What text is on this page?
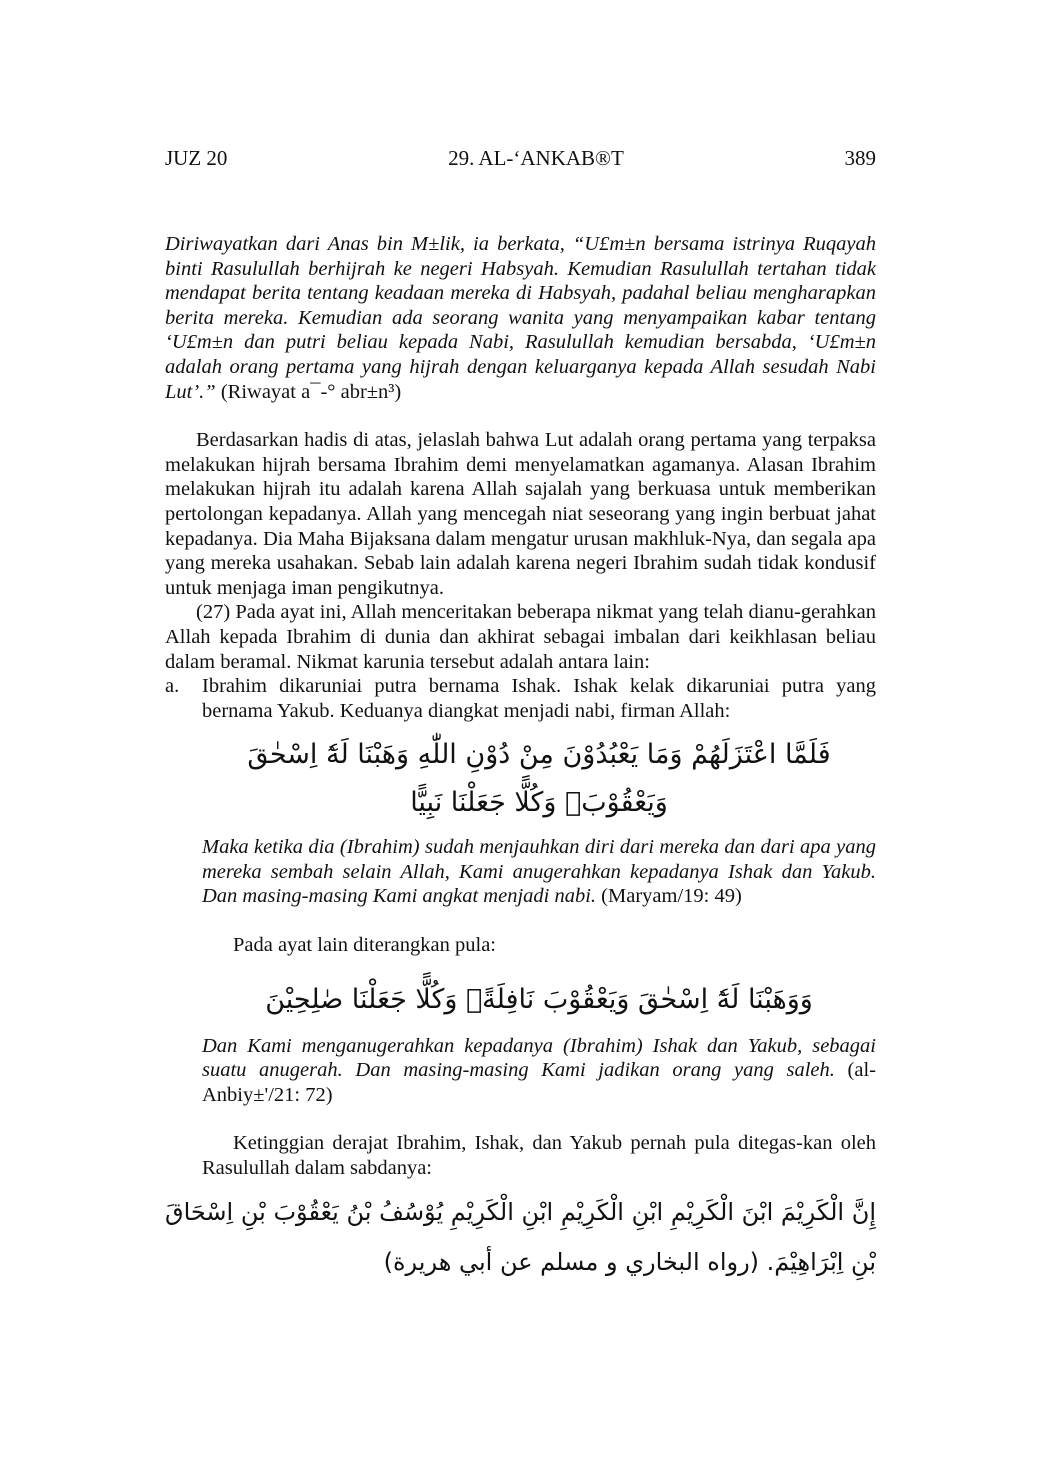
JUZ 20	29. AL-‘ANKAB®T	389

Diriwayatkan dari Anas bin M±lik, ia berkata, “U£m±n bersama istrinya Ruqayah binti Rasulullah berhijrah ke negeri Habsyah. Kemudian Rasulullah tertahan tidak mendapat berita tentang keadaan mereka di Habsyah, padahal beliau mengharapkan berita mereka. Kemudian ada seorang wanita yang menyampaikan kabar tentang ‘U£m±n dan putri beliau kepada Nabi, Rasulullah kemudian bersabda, ‘U£m±n adalah orang pertama yang hijrah dengan keluarganya kepada Allah sesudah Nabi Lut’.” (Riwayat a¯-° abr±n³)

Berdasarkan hadis di atas, jelaslah bahwa Lut adalah orang pertama yang terpaksa melakukan hijrah bersama Ibrahim demi menyelamatkan agamanya. Alasan Ibrahim melakukan hijrah itu adalah karena Allah sajalah yang berkuasa untuk memberikan pertolongan kepadanya. Allah yang mencegah niat seseorang yang ingin berbuat jahat kepadanya. Dia Maha Bijaksana dalam mengatur urusan makhluk-Nya, dan segala apa yang mereka usahakan. Sebab lain adalah karena negeri Ibrahim sudah tidak kondusif untuk menjaga iman pengikutnya.

(27) Pada ayat ini, Allah menceritakan beberapa nikmat yang telah dianu-gerahkan Allah kepada Ibrahim di dunia dan akhirat sebagai imbalan dari keikhlasan beliau dalam beramal. Nikmat karunia tersebut adalah antara lain:

a.	Ibrahim dikaruniai putra bernama Ishak. Ishak kelak dikaruniai putra yang bernama Yakub. Keduanya diangkat menjadi nabi, firman Allah:
فَلَمَّا اعْتَزَلَهُمْ وَمَا يَعْبُدُوْنَ مِنْ دُوْنِ اللّٰهِ وَهَبْنَا لَهٗٓ اِسْحٰقَ وَيَعْقُوْبَۗ وَكُلًّا جَعَلْنَا نَبِيًّا

Maka ketika dia (Ibrahim) sudah menjauhkan diri dari mereka dan dari apa yang mereka sembah selain Allah, Kami anugerahkan kepadanya Ishak dan Yakub. Dan masing-masing Kami angkat menjadi nabi. (Maryam/19: 49)

Pada ayat lain diterangkan pula:

وَوَهَبْنَا لَهٗٓ اِسْحٰقَ وَيَعْقُوْبَ نَافِلَةًۗ وَكُلًّا جَعَلْنَا صٰلِحِيْنَ

Dan Kami menganugerahkan kepadanya (Ibrahim) Ishak dan Yakub, sebagai suatu anugerah. Dan masing-masing Kami jadikan orang yang saleh. (al-Anbiy±'/21: 72)

Ketinggian derajat Ibrahim, Ishak, dan Yakub pernah pula ditegas-kan oleh Rasulullah dalam sabdanya:

إِنَّ الْكَرِيْمَ ابْنَ الْكَرِيْمِ ابْنِ الْكَرِيْمِ ابْنِ الْكَرِيْمِ يُوْسُفُ بْنُ يَعْقُوْبَ بْنِ اِسْحَاقَ بْنِ اِبْرَاهِيْمَ. (رواه البخاري و مسلم عن أبي هريرة)
